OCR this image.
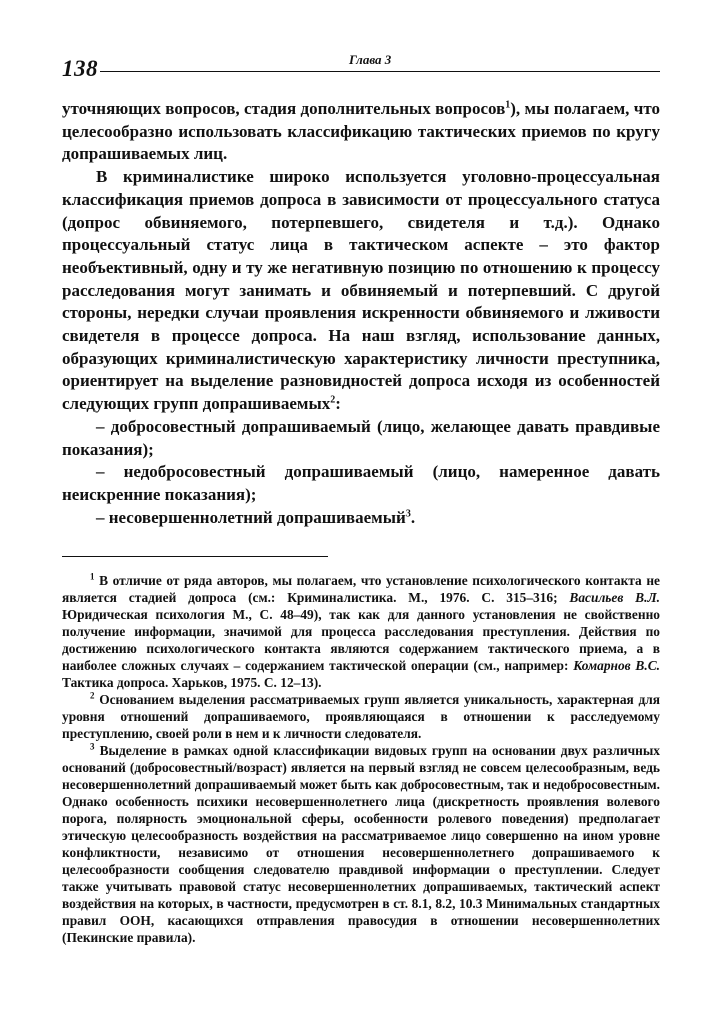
138	Глава 3

уточняющих вопросов, стадия дополнительных вопросов$^1$), мы полагаем, что целесообразно использовать классификацию тактических приемов по кругу допрашиваемых лиц.

В криминалистике широко используется уголовно-процессуальная классификация приемов допроса в зависимости от процессуального статуса (допрос обвиняемого, потерпевшего, свидетеля и т.д.). Однако процессуальный статус лица в тактическом аспекте – это фактор необъективный, одну и ту же негативную позицию по отношению к процессу расследования могут занимать и обвиняемый и потерпевший. С другой стороны, нередки случаи проявления искренности обвиняемого и лживости свидетеля в процессе допроса. На наш взгляд, использование данных, образующих криминалистическую характеристику личности преступника, ориентирует на выделение разновидностей допроса исходя из особенностей следующих групп допрашиваемых$^2$:

– добросовестный допрашиваемый (лицо, желающее давать правдивые показания);

– недобросовестный допрашиваемый (лицо, намеренное давать неискренние показания);

– несовершеннолетний допрашиваемый$^3$.

$^1$ В отличие от ряда авторов, мы полагаем, что установление психологического контакта не является стадией допроса (см.: Криминалистика. М., 1976. С. 315–316; Васильев В.Л. Юридическая психология М., С. 48–49), так как для данного установления не свойственно получение информации, значимой для процесса расследования преступления. Действия по достижению психологического контакта являются содержанием тактического приема, а в наиболее сложных случаях – содержанием тактической операции (см., например: Комарнов В.С. Тактика допроса. Харьков, 1975. С. 12–13).

$^2$ Основанием выделения рассматриваемых групп является уникальность, характерная для уровня отношений допрашиваемого, проявляющаяся в отношении к расследуемому преступлению, своей роли в нем и к личности следователя.

$^3$ Выделение в рамках одной классификации видовых групп на основании двух различных оснований (добросовестный/возраст) является на первый взгляд не совсем целесообразным, ведь несовершеннолетний допрашиваемый может быть как добросовестным, так и недобросовестным. Однако особенность психики несовершеннолетнего лица (дискретность проявления волевого порога, полярность эмоциональной сферы, особенности ролевого поведения) предполагает этическую целесообразность воздействия на рассматриваемое лицо совершенно на ином уровне конфликтности, независимо от отношения несовершеннолетнего допрашиваемого к целесообразности сообщения следователю правдивой информации о преступлении. Следует также учитывать правовой статус несовершеннолетних допрашиваемых, тактический аспект воздействия на которых, в частности, предусмотрен в ст. 8.1, 8.2, 10.3 Минимальных стандартных правил ООН, касающихся отправления правосудия в отношении несовершеннолетних (Пекинские правила).
